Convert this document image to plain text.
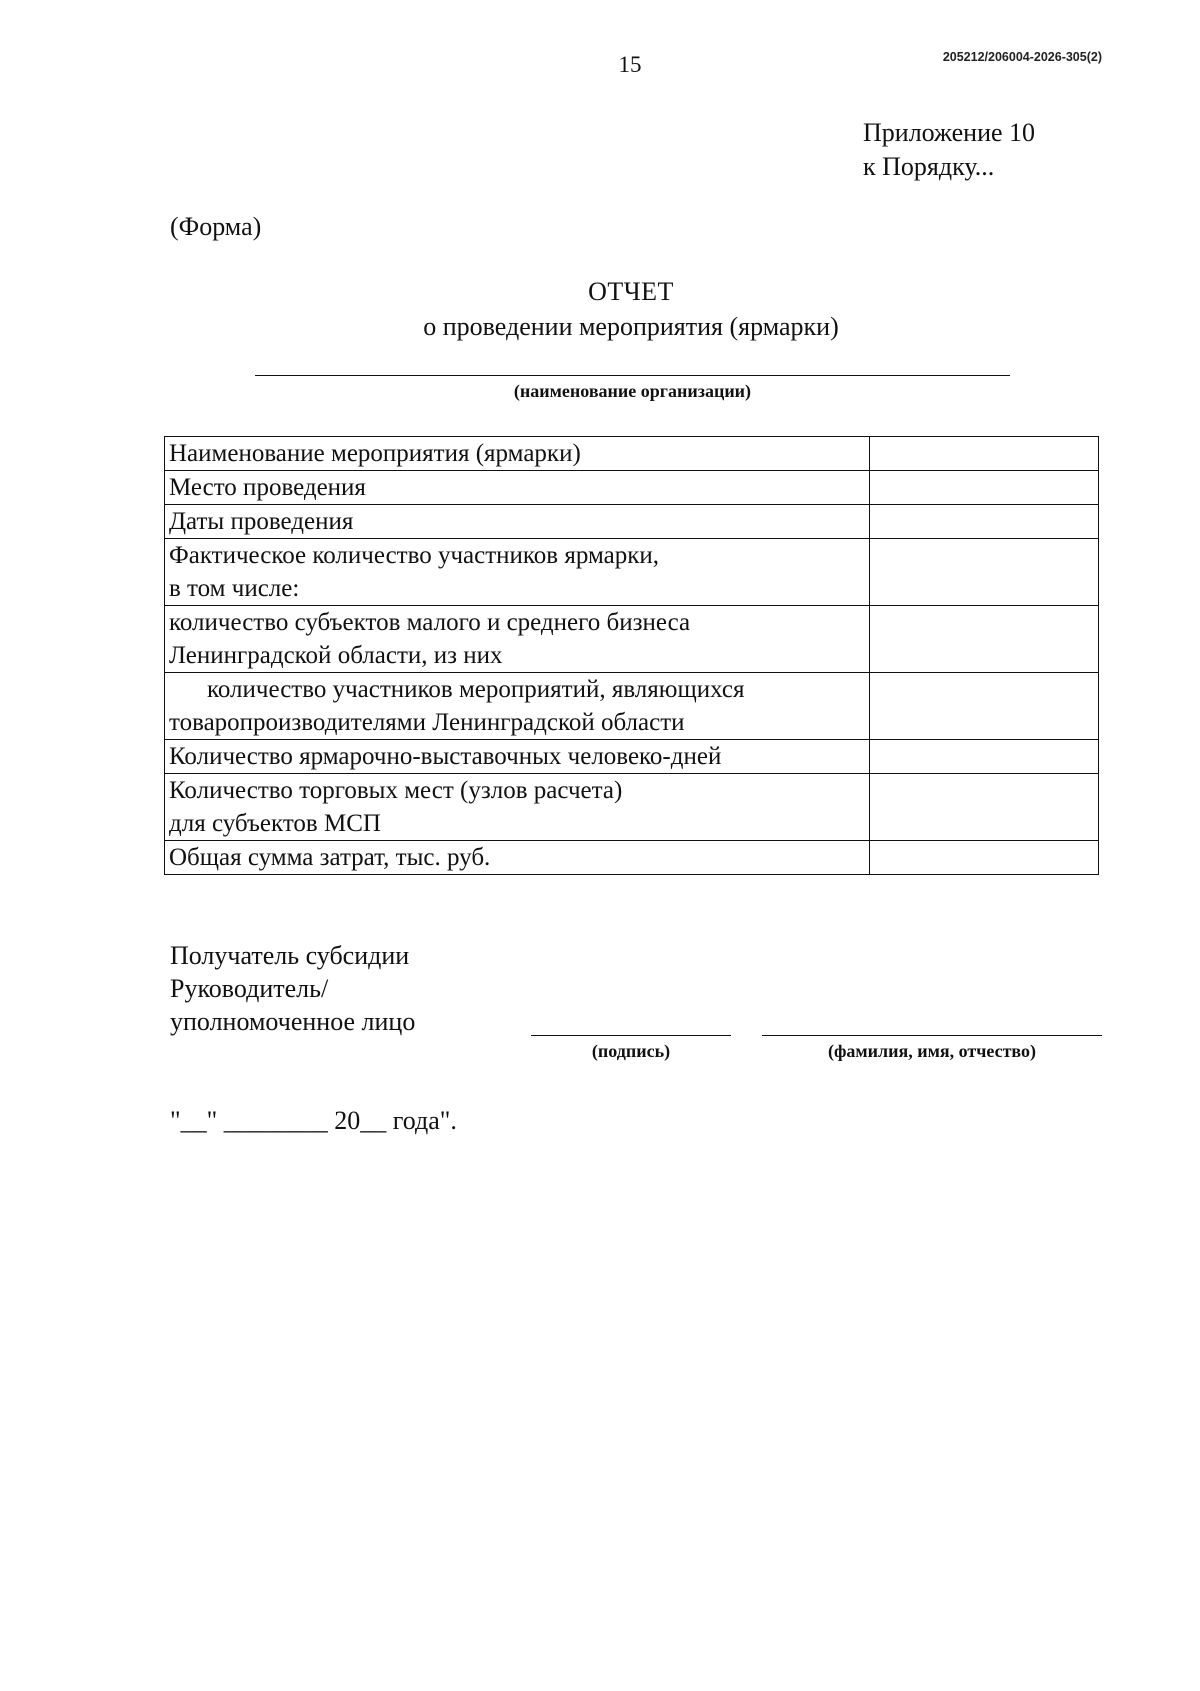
205212/206004-2026-305(2)
15
Приложение 10
к Порядку...
(Форма)
ОТЧЕТ
о проведении мероприятия (ярмарки)
(наименование организации)
Наименование мероприятия (ярмарки)	
Место проведения	
Даты проведения	

Фактическое количество участников ярмарки,
в том числе:	

количество субъектов малого и среднего бизнеса
Ленинградской области, из них	

количество участников мероприятий, являющихся
товаропроизводителями Ленинградской области	

Количество ярмарочно-выставочных человеко-дней	

Количество торговых мест (узлов расчета)
для субъектов МСП	

Общая сумма затрат, тыс. руб.	
Получатель субсидии
Руководитель/
уполномоченное лицо
(подпись)	(фамилия, имя, отчество)
"__" ________ 20__ года".
